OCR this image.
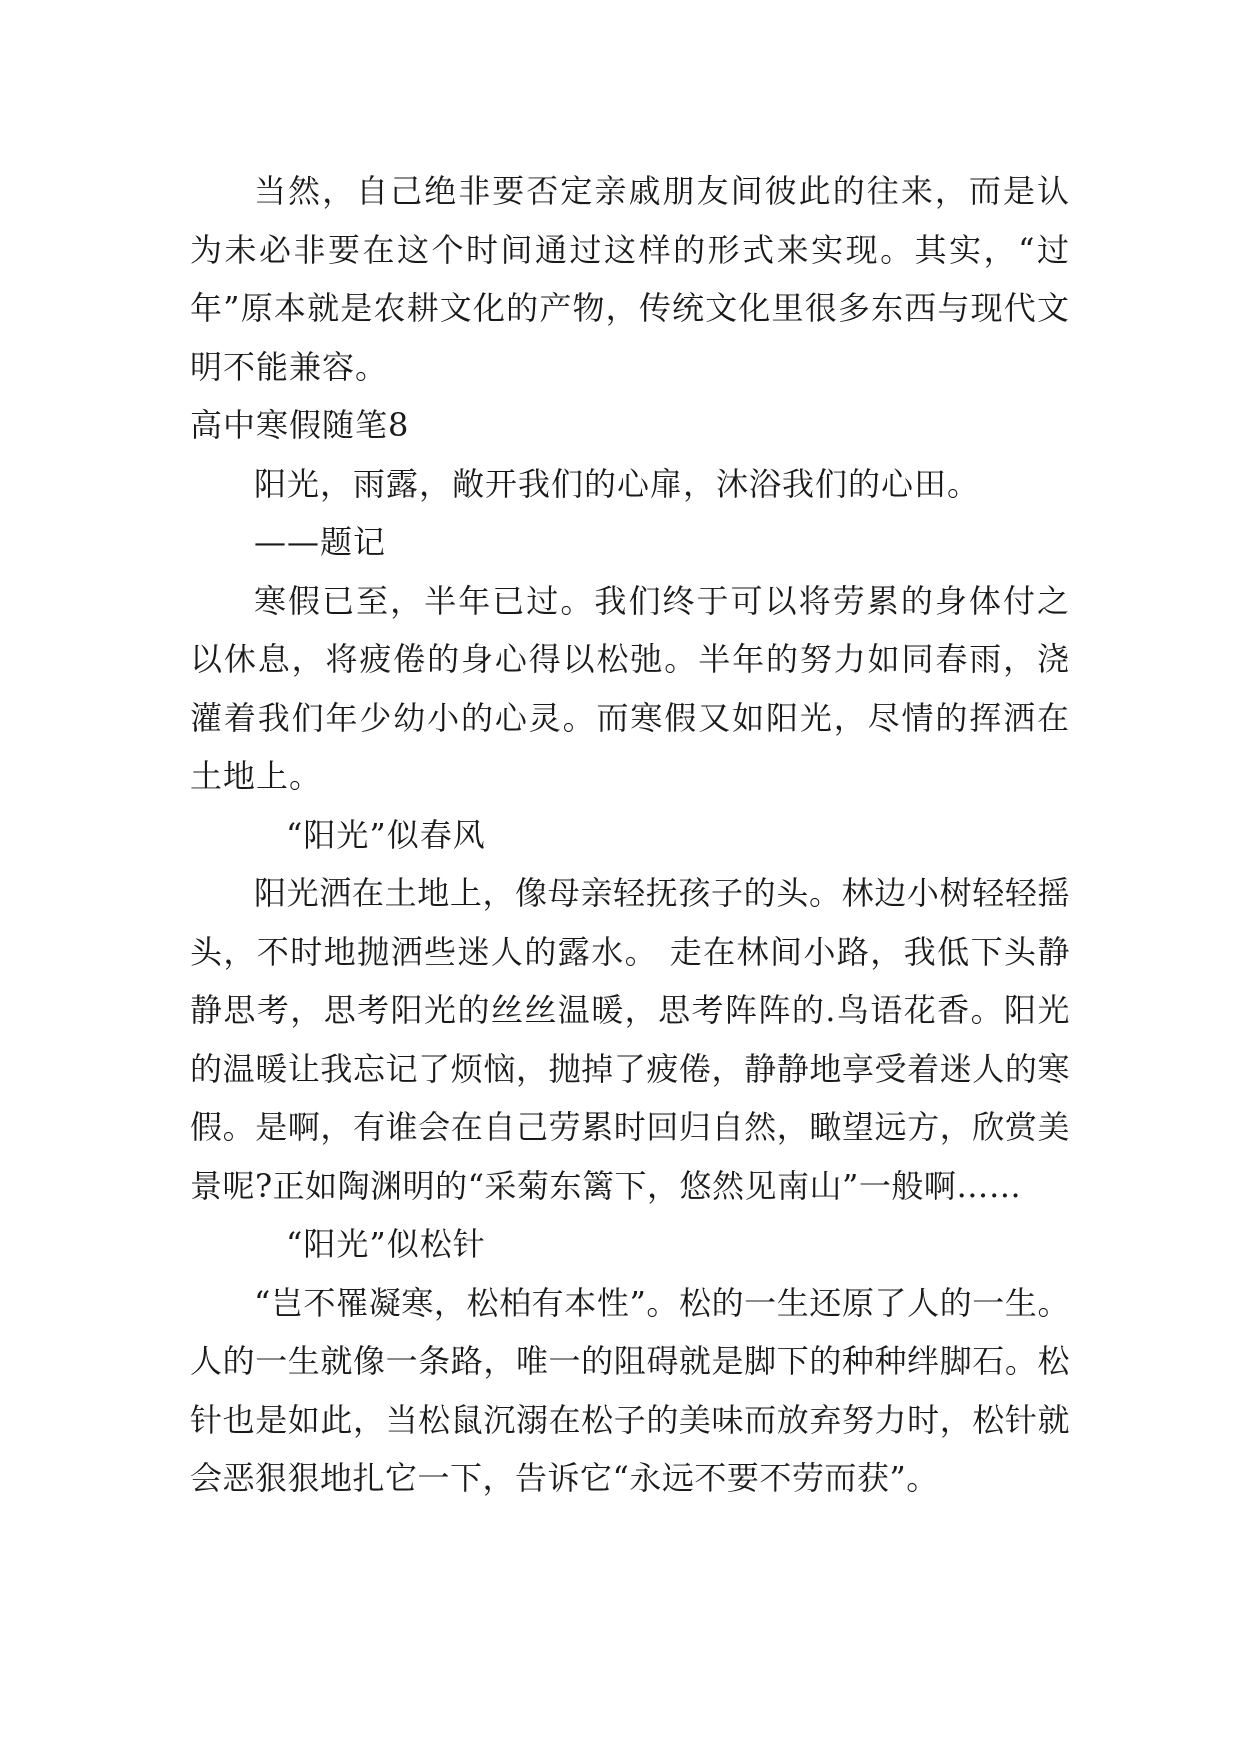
当然，自己绝非要否定亲戚朋友间彼此的往来，而是认为未必非要在这个时间通过这样的形式来实现。其实，“过年”原本就是农耕文化的产物，传统文化里很多东西与现代文明不能兼容。

高中寒假随笔8

阳光，雨露，敞开我们的心扉，沐浴我们的心田。

——题记

寒假已至，半年已过。我们终于可以将劳累的身体付之以休息，将疲倦的身心得以松弛。半年的努力如同春雨，浇灌着我们年少幼小的心灵。而寒假又如阳光，尽情的挥洒在土地上。

“阳光”似春风

阳光洒在土地上，像母亲轻抚孩子的头。林边小树轻轻摇头，不时地抛洒些迷人的露水。 走在林间小路，我低下头静静思考，思考阳光的丝丝温暖，思考阵阵的.鸟语花香。阳光的温暖让我忘记了烦恼，抛掉了疲倦，静静地享受着迷人的寒假。是啊，有谁会在自己劳累时回归自然，瞰望远方，欣赏美景呢?正如陶渊明的“采菊东篱下，悠然见南山”一般啊……

“阳光”似松针

“岂不罹凝寒，松柏有本性”。松的一生还原了人的一生。人的一生就像一条路，唯一的阻碍就是脚下的种种绊脚石。松针也是如此，当松鼠沉溺在松子的美味而放弃努力时，松针就会恶狠狠地扎它一下，告诉它“永远不要不劳而获”。
